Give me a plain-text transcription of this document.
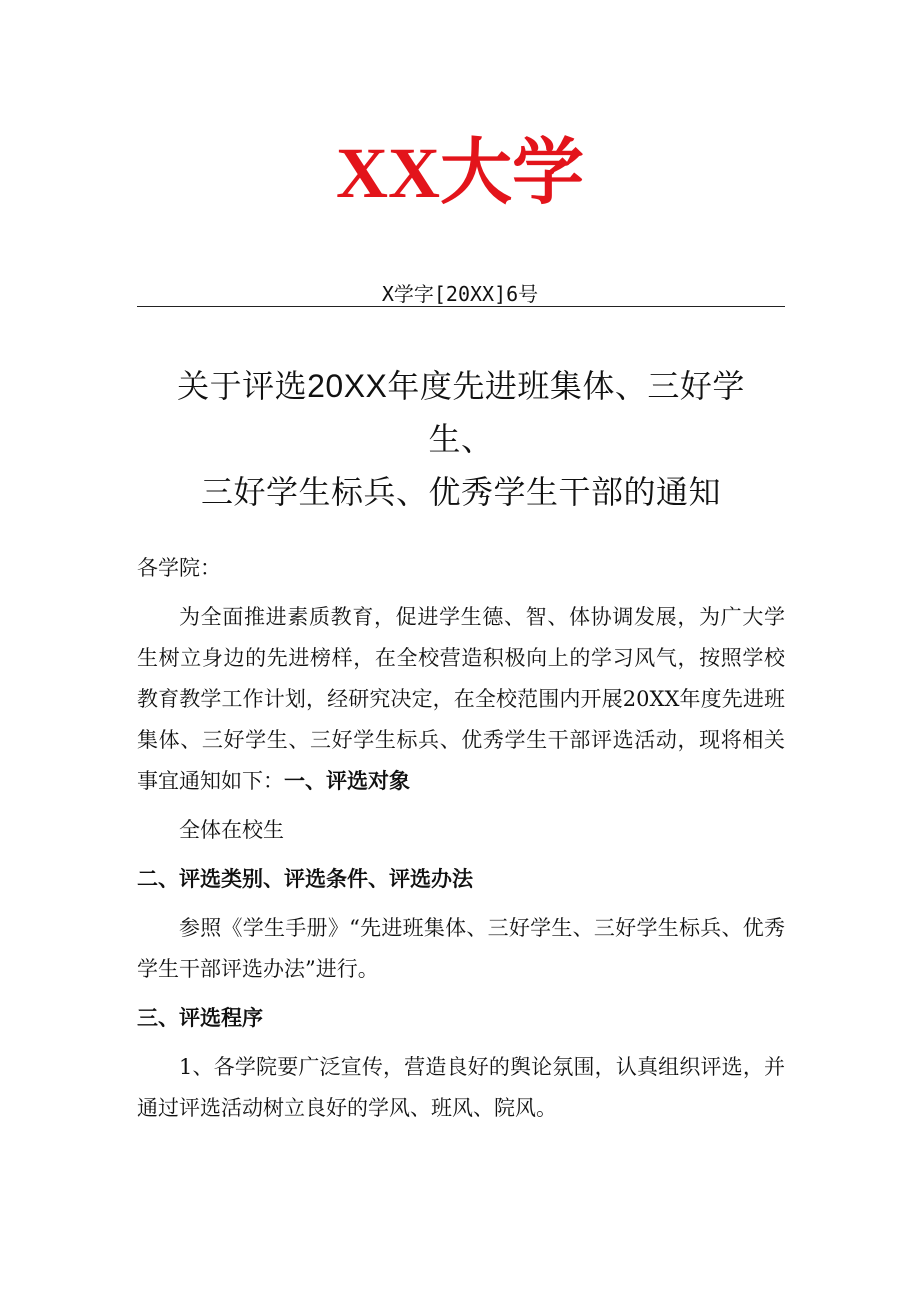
XX大学
X学字[20XX]6号
关于评选20XX年度先进班集体、三好学
生、
三好学生标兵、优秀学生干部的通知
各学院：
为全面推进素质教育，促进学生德、智、体协调发展，为广大学生树立身边的先进榜样，在全校营造积极向上的学习风气，按照学校教育教学工作计划，经研究决定，在全校范围内开展20XX年度先进班集体、三好学生、三好学生标兵、优秀学生干部评选活动，现将相关事宜通知如下：一、评选对象
全体在校生
二、评选类别、评选条件、评选办法
参照《学生手册》“先进班集体、三好学生、三好学生标兵、优秀学生干部评选办法”进行。
三、评选程序
1、各学院要广泛宣传，营造良好的舆论氛围，认真组织评选，并通过评选活动树立良好的学风、班风、院风。
